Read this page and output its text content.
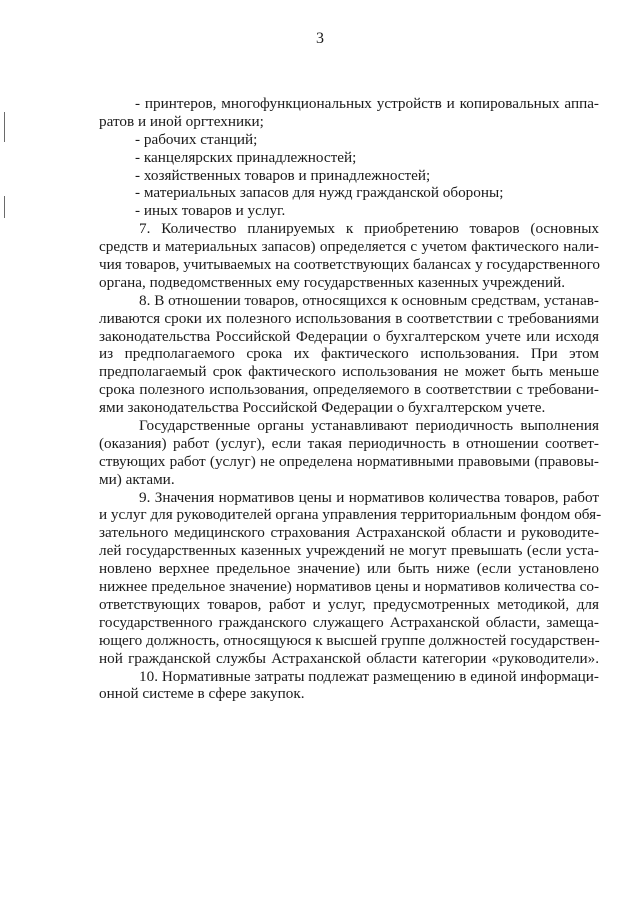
3
- принтеров, многофункциональных устройств и копировальных аппа-
ратов и иной оргтехники;
- рабочих станций;
- канцелярских принадлежностей;
- хозяйственных товаров и принадлежностей;
- материальных запасов для нужд гражданской обороны;
- иных товаров и услуг.
7. Количество планируемых к приобретению товаров (основных
средств и материальных запасов) определяется с учетом фактического нали-
чия товаров, учитываемых на соответствующих балансах у государственного
органа, подведомственных ему государственных казенных учреждений.
8. В отношении товаров, относящихся к основным средствам, устанав-
ливаются сроки их полезного использования в соответствии с требованиями
законодательства Российской Федерации о бухгалтерском учете или исходя
из предполагаемого срока их фактического использования. При этом
предполагаемый срок фактического использования не может быть меньше
срока полезного использования, определяемого в соответствии с требовани-
ями законодательства Российской Федерации о бухгалтерском учете.
Государственные органы устанавливают периодичность выполнения
(оказания) работ (услуг), если такая периодичность в отношении соответ-
ствующих работ (услуг) не определена нормативными правовыми (правовы-
ми) актами.
9. Значения нормативов цены и нормативов количества товаров, работ
и услуг для руководителей органа управления территориальным фондом обя-
зательного медицинского страхования Астраханской области и руководите-
лей государственных казенных учреждений не могут превышать (если уста-
новлено верхнее предельное значение) или быть ниже (если установлено
нижнее предельное значение) нормативов цены и нормативов количества со-
ответствующих товаров, работ и услуг, предусмотренных методикой, для
государственного гражданского служащего Астраханской области, замеща-
ющего должность, относящуюся к высшей группе должностей государствен-
ной гражданской службы Астраханской области категории «руководители».
10. Нормативные затраты подлежат размещению в единой информаци-
онной системе в сфере закупок.
